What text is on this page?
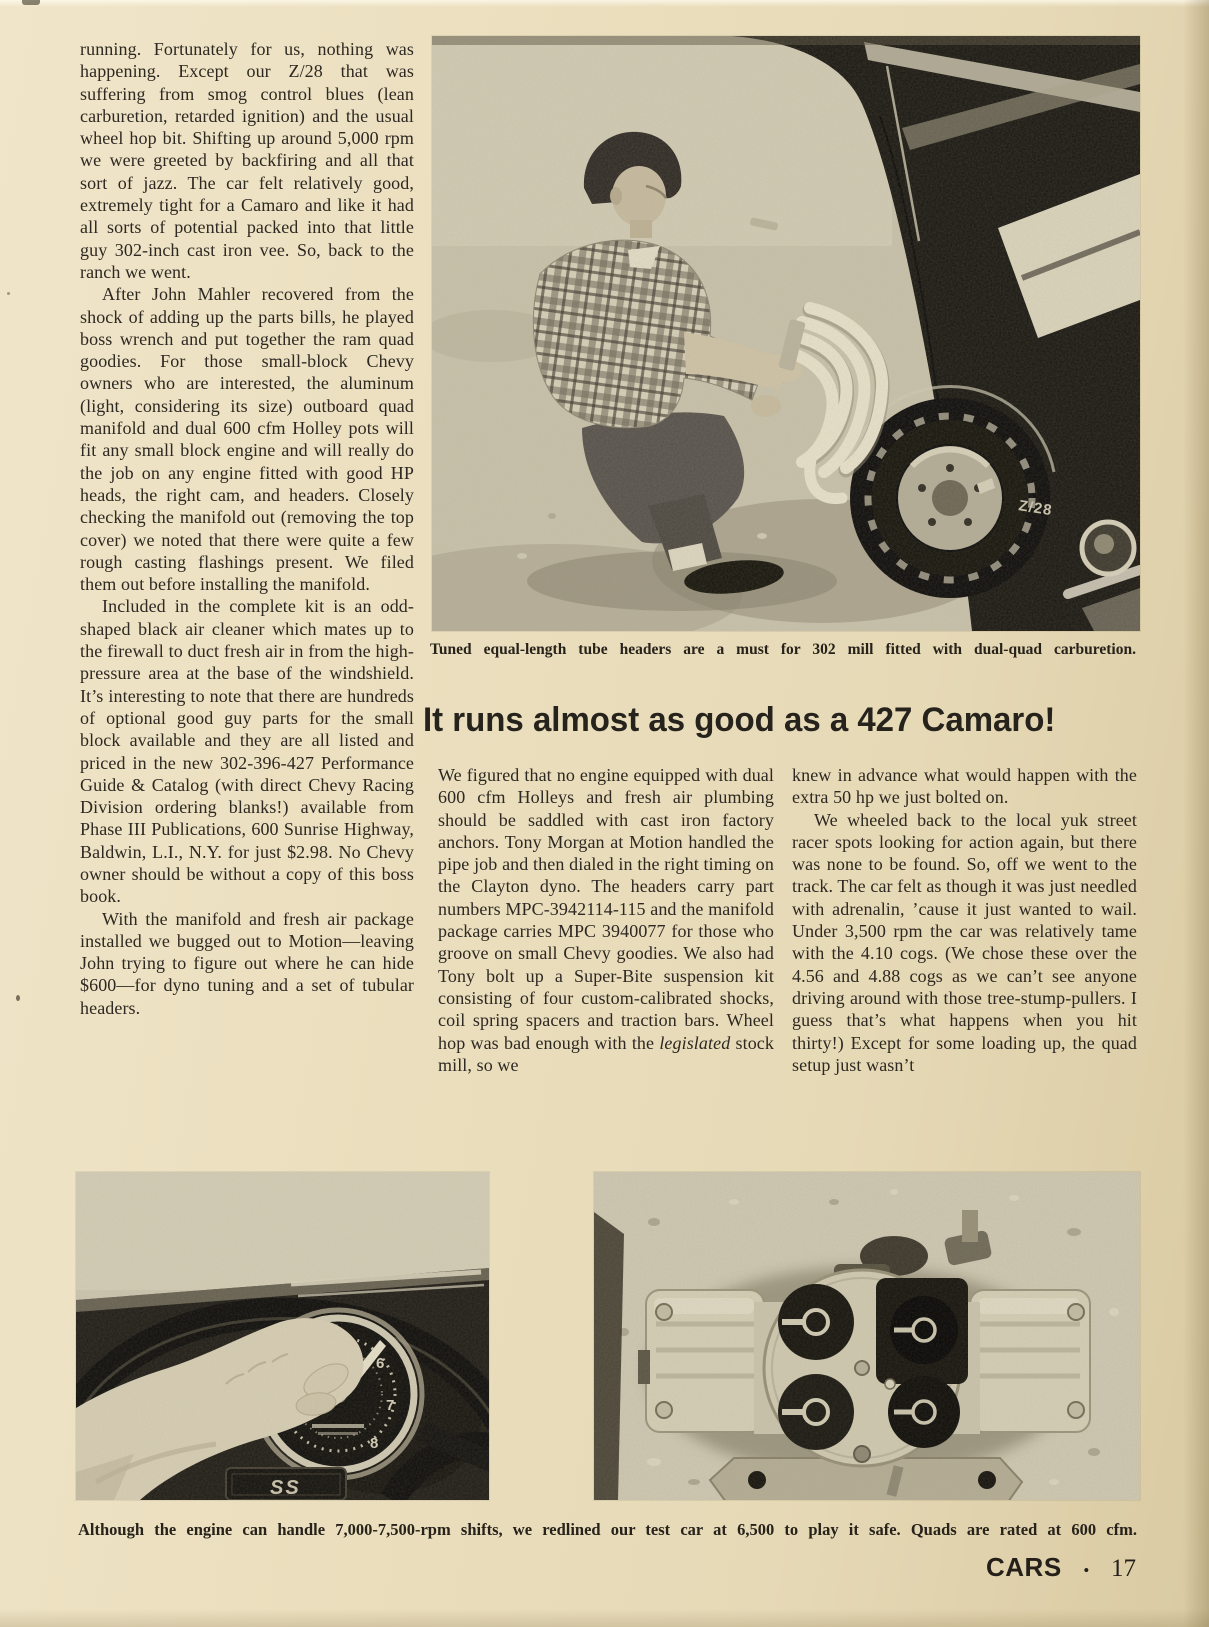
running. Fortunately for us, nothing was happening. Except our Z/28 that was suffering from smog control blues (lean carburetion, retarded ignition) and the usual wheel hop bit. Shifting up around 5,000 rpm we were greeted by backfiring and all that sort of jazz. The car felt relatively good, extremely tight for a Camaro and like it had all sorts of potential packed into that little guy 302-inch cast iron vee. So, back to the ranch we went.

After John Mahler recovered from the shock of adding up the parts bills, he played boss wrench and put together the ram quad goodies. For those small-block Chevy owners who are interested, the aluminum (light, considering its size) outboard quad manifold and dual 600 cfm Holley pots will fit any small block engine and will really do the job on any engine fitted with good HP heads, the right cam, and headers. Closely checking the manifold out (removing the top cover) we noted that there were quite a few rough casting flashings present. We filed them out before installing the manifold.

Included in the complete kit is an odd-shaped black air cleaner which mates up to the firewall to duct fresh air in from the high-pressure area at the base of the windshield. It’s interesting to note that there are hundreds of optional good guy parts for the small block available and they are all listed and priced in the new 302-396-427 Performance Guide & Catalog (with direct Chevy Racing Division ordering blanks!) available from Phase III Publications, 600 Sunrise Highway, Baldwin, L.I., N.Y. for just $2.98. No Chevy owner should be without a copy of this boss book.

With the manifold and fresh air package installed we bugged out to Motion—leaving John trying to figure out where he can hide $600—for dyno tuning and a set of tubular headers.

Z/28
Tuned equal-length tube headers are a must for 302 mill fitted with dual-quad carburetion.
It runs almost as good as a 427 Camaro!

We figured that no engine equipped with dual 600 cfm Holleys and fresh air plumbing should be saddled with cast iron factory anchors. Tony Morgan at Motion handled the pipe job and then dialed in the right timing on the Clayton dyno. The headers carry part numbers MPC-3942114-115 and the manifold package carries MPC 3940077 for those who groove on small Chevy goodies. We also had Tony bolt up a Super-Bite suspension kit consisting of four custom-calibrated shocks, coil spring spacers and traction bars. Wheel hop was bad enough with the legislated stock mill, so we

knew in advance what would happen with the extra 50 hp we just bolted on.

We wheeled back to the local yuk street racer spots looking for action again, but there was none to be found. So, off we went to the track. The car felt as though it was just needled with adrenalin, ’cause it just wanted to wail. Under 3,500 rpm the car was relatively tame with the 4.10 cogs. (We chose these over the 4.56 and 4.88 cogs as we can’t see anyone driving around with those tree-stump-pullers. I guess that’s what happens when you hit thirty!) Except for some loading up, the quad setup just wasn’t

6
7
8
SS
Although the engine can handle 7,000-7,500-rpm shifts, we redlined our test car at 6,500 to play it safe. Quads are rated at 600 cfm.
CARS • 17
